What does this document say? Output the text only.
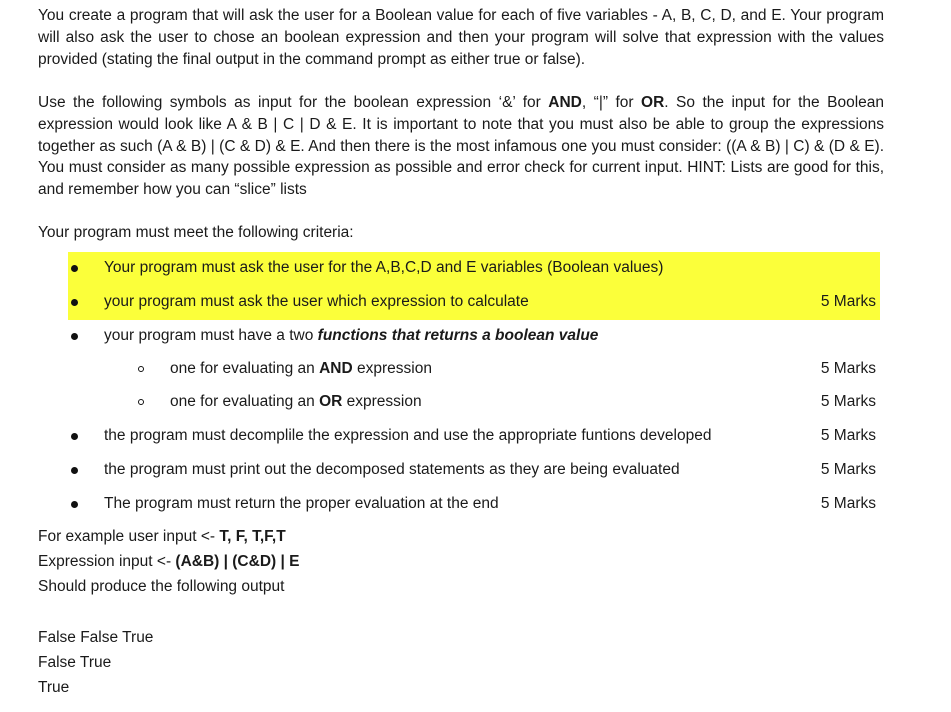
You create a program that will ask the user for a Boolean value for each of five variables - A, B, C, D, and E. Your program will also ask the user to chose an boolean expression and then your program will solve that expression with the values provided (stating the final output in the command prompt as either true or false).

Use the following symbols as input for the boolean expression ‘&’ for AND, “|” for OR. So the input for the Boolean expression would look like A & B | C | D & E. It is important to note that you must also be able to group the expressions together as such (A & B) | (C & D) & E. And then there is the most infamous one you must consider: ((A & B) | C) & (D & E). You must consider as many possible expression as possible and error check for current input. HINT: Lists are good for this, and remember how you can “slice” lists

Your program must meet the following criteria:

Your program must ask the user for the A,B,C,D and E variables (Boolean values)
your program must ask the user which expression to calculate	5 Marks
your program must have a two functions that returns a boolean value
one for evaluating an AND expression	5 Marks
one for evaluating an OR expression	5 Marks
the program must decomplile the expression and use the appropriate funtions developed	5 Marks
the program must print out the decomposed statements as they are being evaluated	5 Marks
The program must return the proper evaluation at the end	5 Marks

For example user input <- T, F, T,F,T

Expression input <- (A&B) | (C&D) | E

Should produce the following output

False False True

False True

True
